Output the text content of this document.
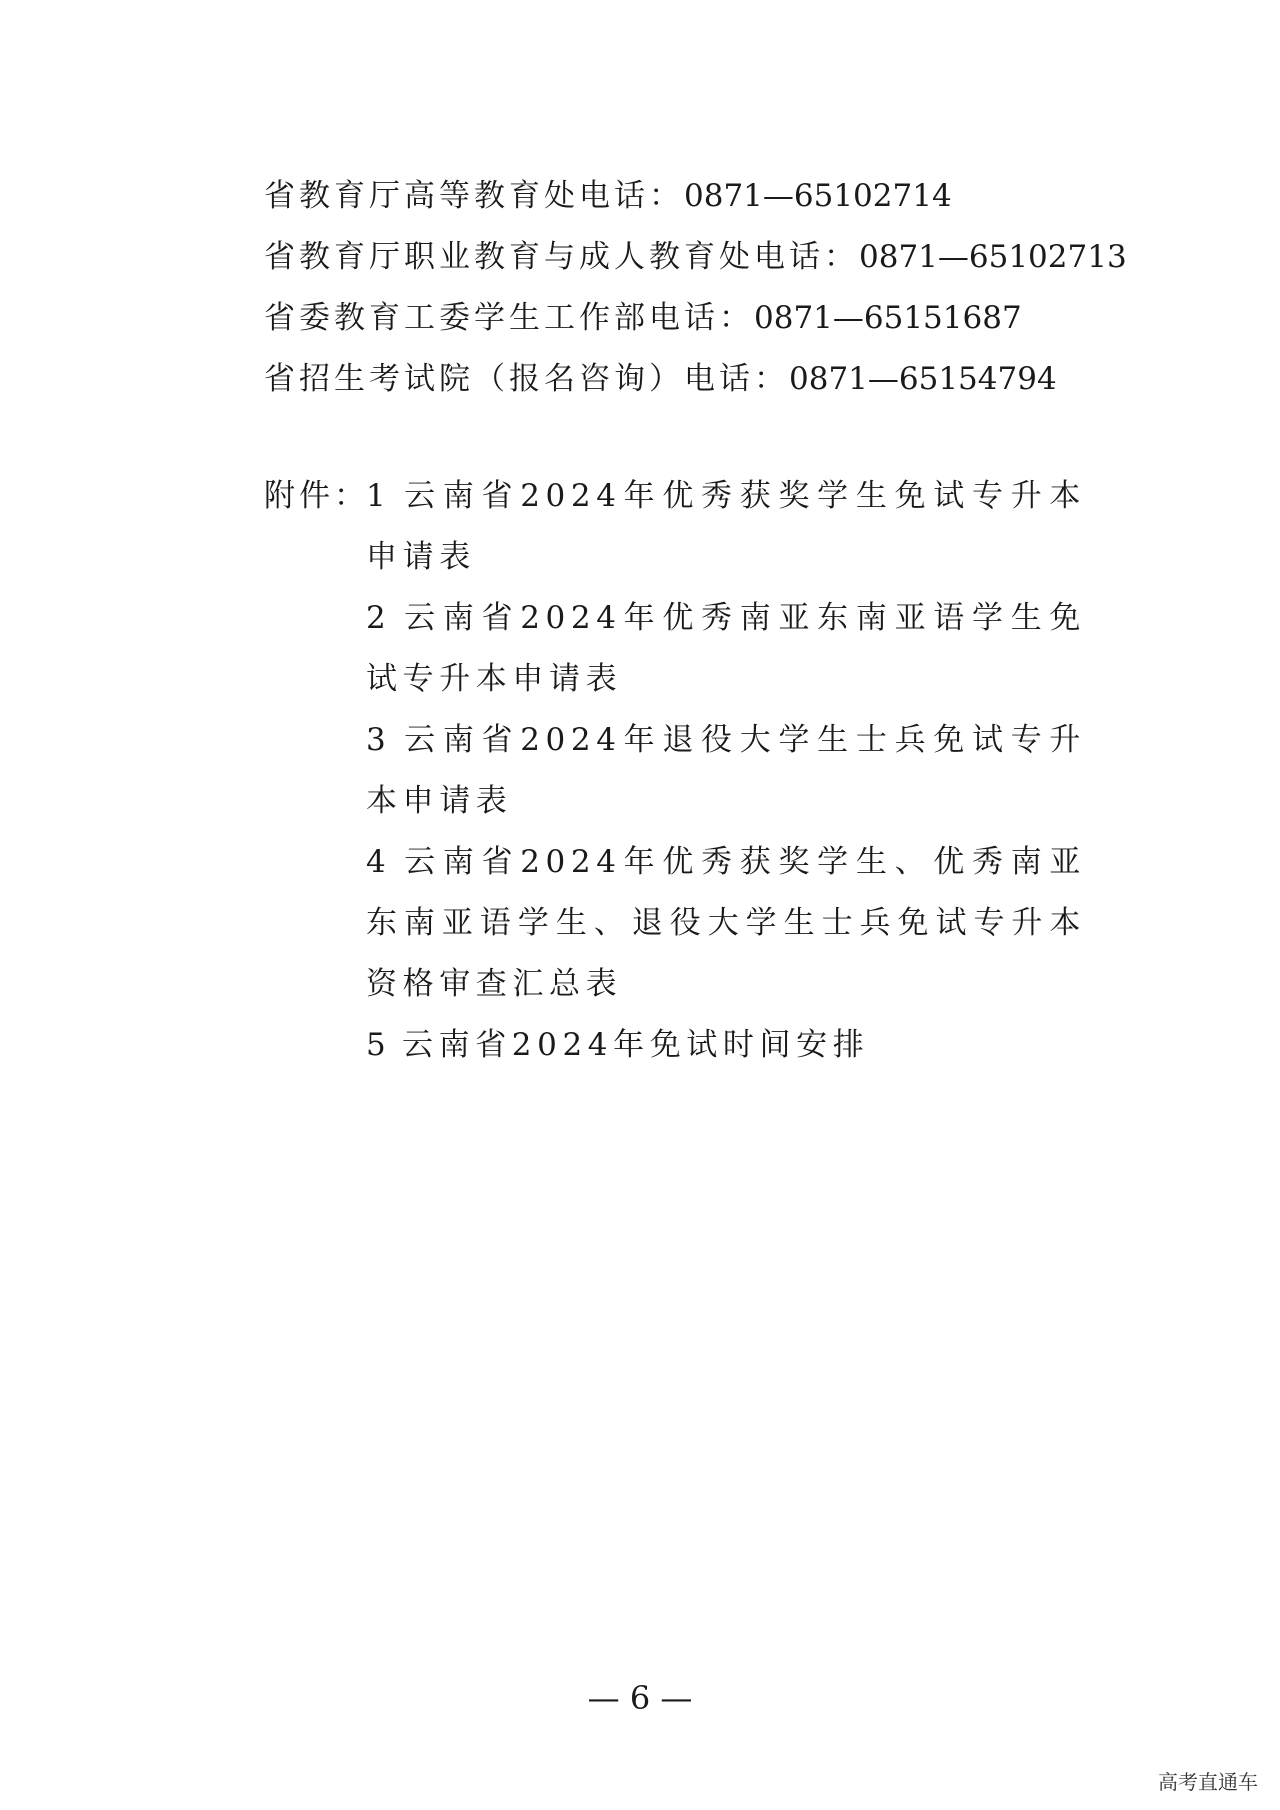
省教育厅高等教育处电话：0871—65102714
省教育厅职业教育与成人教育处电话：0871—65102713
省委教育工委学生工作部电话：0871—65151687
省招生考试院（报名咨询）电话：0871—65154794
附件：
1 云南省2024年优秀获奖学生免试专升本申请表
2 云南省2024年优秀南亚东南亚语学生免试专升本申请表
3 云南省2024年退役大学生士兵免试专升本申请表
4 云南省2024年优秀获奖学生、优秀南亚东南亚语学生、退役大学生士兵免试专升本资格审查汇总表
5 云南省2024年免试时间安排
— 6 —
高考直通车
